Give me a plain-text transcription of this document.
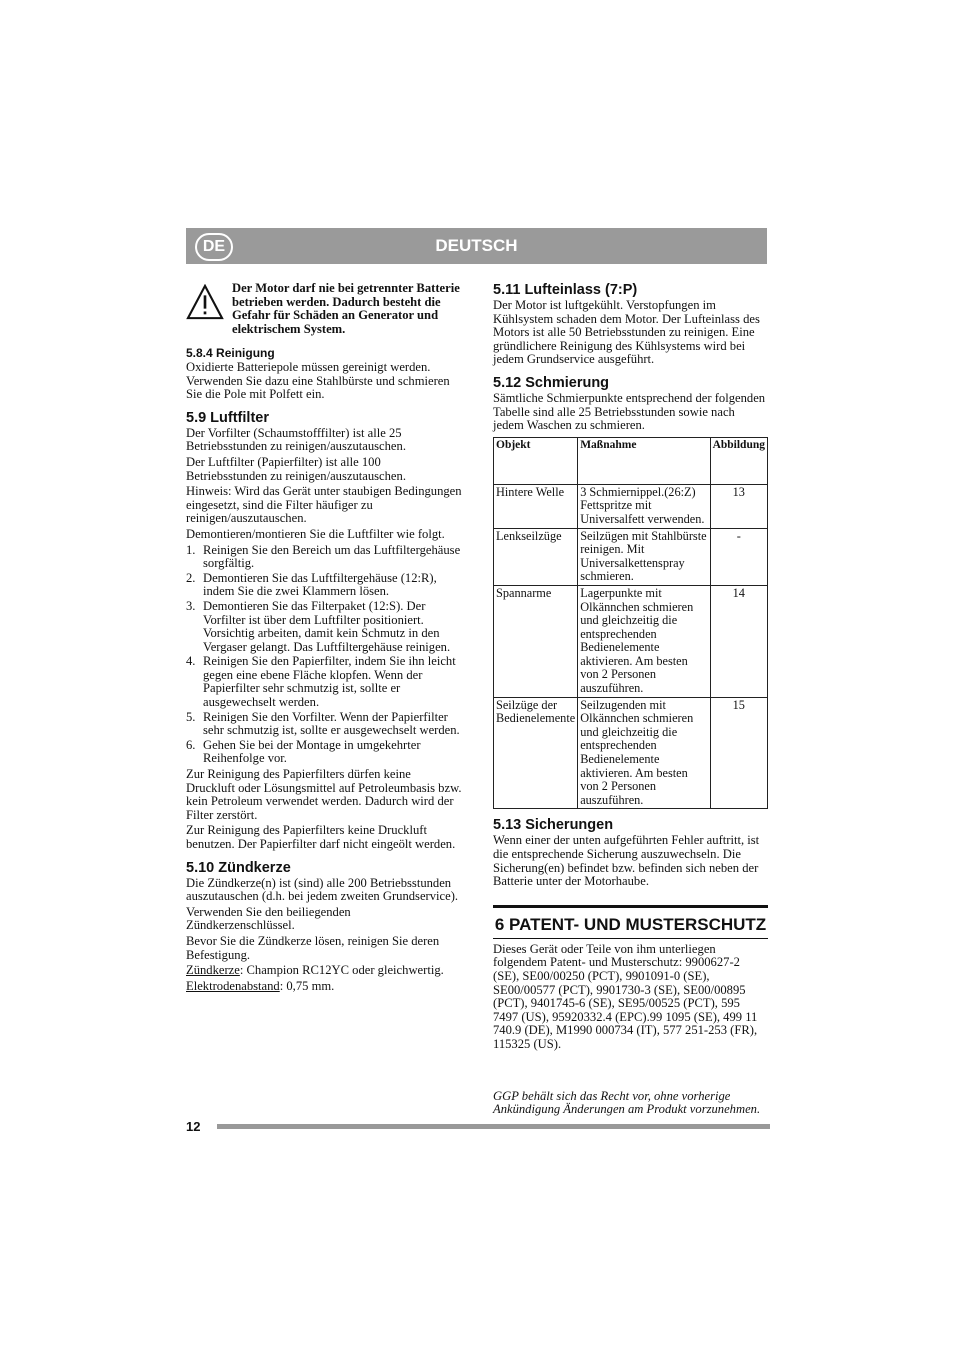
DEUTSCH
DE
Der Motor darf nie bei getrennter Batterie betrieben werden. Dadurch besteht die Gefahr für Schäden an Generator und elektrischem System.
5.8.4 Reinigung

Oxidierte Batteriepole müssen gereinigt werden. Verwenden Sie dazu eine Stahlbürste und schmieren Sie die Pole mit Polfett ein.

5.9 Luftfilter

Der Vorfilter (Schaumstofffilter) ist alle 25 Betriebsstunden zu reinigen/auszutauschen.

Der Luftfilter (Papierfilter) ist alle 100 Betriebsstunden zu reinigen/auszutauschen.

Hinweis: Wird das Gerät unter staubigen Bedingungen eingesetzt, sind die Filter häufiger zu reinigen/auszutauschen.

Demontieren/montieren Sie die Luftfilter wie folgt.

1. Reinigen Sie den Bereich um das Luftfiltergehäuse sorgfältig.
2. Demontieren Sie das Luftfiltergehäuse (12:R), indem Sie die zwei Klammern lösen.
3. Demontieren Sie das Filterpaket (12:S). Der Vorfilter ist über dem Luftfilter positioniert. Vorsichtig arbeiten, damit kein Schmutz in den Vergaser gelangt. Das Luftfiltergehäuse reinigen.
4. Reinigen Sie den Papierfilter, indem Sie ihn leicht gegen eine ebene Fläche klopfen. Wenn der Papierfilter sehr schmutzig ist, sollte er ausgewechselt werden.
5. Reinigen Sie den Vorfilter. Wenn der Papierfilter sehr schmutzig ist, sollte er ausgewechselt werden.
6. Gehen Sie bei der Montage in umgekehrter Reihenfolge vor.

Zur Reinigung des Papierfilters dürfen keine Druckluft oder Lösungsmittel auf Petroleumbasis bzw. kein Petroleum verwendet werden. Dadurch wird der Filter zerstört.

Zur Reinigung des Papierfilters keine Druckluft benutzen. Der Papierfilter darf nicht eingeölt werden.

5.10 Zündkerze

Die Zündkerze(n) ist (sind) alle 200 Betriebsstunden auszutauschen (d.h. bei jedem zweiten Grundservice).

Verwenden Sie den beiliegenden Zündkerzenschlüssel.

Bevor Sie die Zündkerze lösen, reinigen Sie deren Befestigung.

Zündkerze: Champion RC12YC oder gleichwertig.

Elektrodenabstand: 0,75 mm.

5.11 Lufteinlass (7:P)

Der Motor ist luftgekühlt. Verstopfungen im Kühlsystem schaden dem Motor. Der Lufteinlass des Motors ist alle 50 Betriebsstunden zu reinigen. Eine gründlichere Reinigung des Kühlsystems wird bei jedem Grundservice ausgeführt.

5.12 Schmierung

Sämtliche Schmierpunkte entsprechend der folgenden Tabelle sind alle 25 Betriebsstunden sowie nach jedem Waschen zu schmieren.

Objekt	Maßnahme	Abbildung
Hintere Welle	3 Schmiernippel.(26:Z) Fettspritze mit Universalfett verwenden.	13
Lenkseilzüge	Seilzügen mit Stahlbürste reinigen. Mit Universalkettenspray schmieren.	-
Spannarme	Lagerpunkte mit Olkännchen schmieren und gleichzeitig die entsprechenden Bedienelemente aktivieren. Am besten von 2 Personen auszuführen.	14
Seilzüge der Bedienelemente	Seilzugenden mit Olkännchen schmieren und gleichzeitig die entsprechenden Bedienelemente aktivieren. Am besten von 2 Personen auszuführen.	15
5.13 Sicherungen

Wenn einer der unten aufgeführten Fehler auftritt, ist die entsprechende Sicherung auszuwechseln. Die Sicherung(en) befindet bzw. befinden sich neben der Batterie unter der Motorhaube.

6 PATENT- UND MUSTERSCHUTZ

Dieses Gerät oder Teile von ihm unterliegen folgendem Patent- und Musterschutz: 9900627-2 (SE), SE00/00250 (PCT), 9901091-0 (SE), SE00/00577 (PCT), 9901730-3 (SE), SE00/00895 (PCT), 9401745-6 (SE), SE95/00525 (PCT), 595 7497 (US), 95920332.4 (EPC).99 1095 (SE), 499 11 740.9 (DE), M1990 000734 (IT), 577 251-253 (FR), 115325 (US).

GGP behält sich das Recht vor, ohne vorherige Ankündigung Änderungen am Produkt vorzunehmen.

12
